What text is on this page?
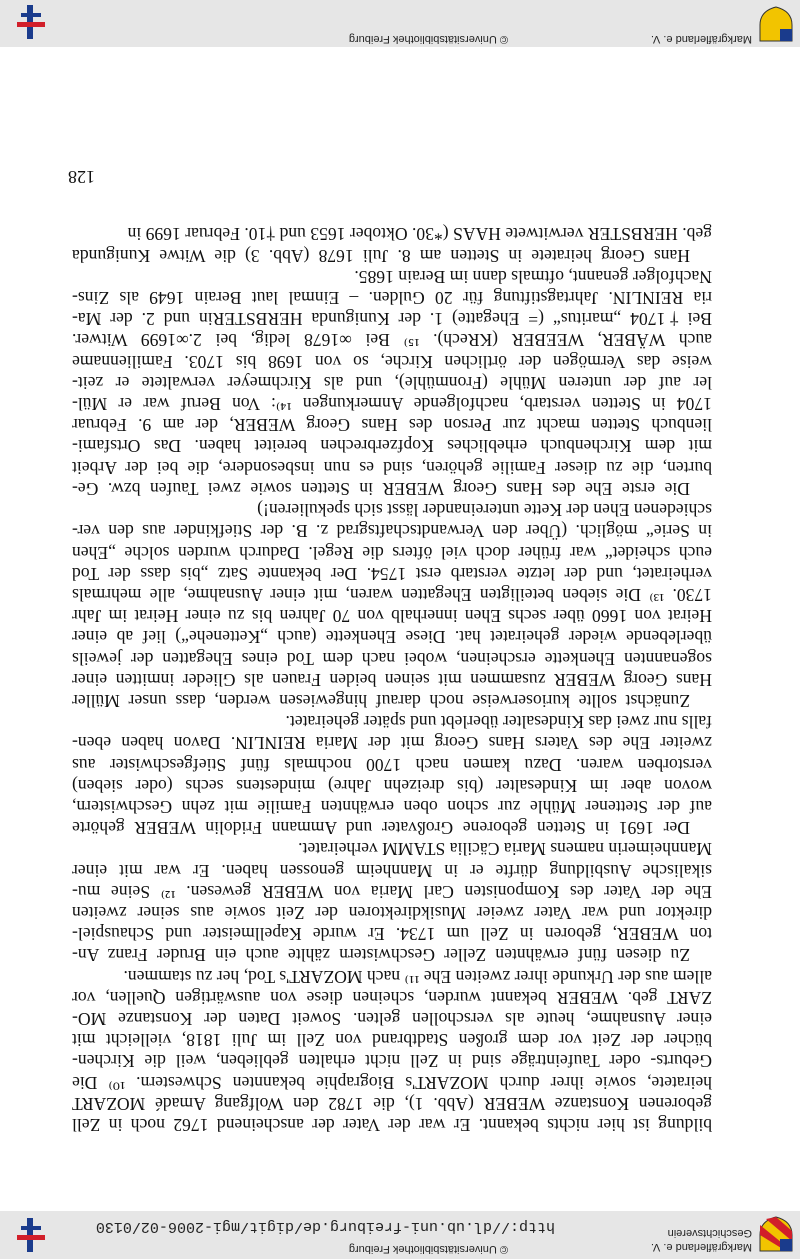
http://dl.ub.uni-freiburg.de/digit/mgi-2006-02/0130
© Universitätsbibliothek Freiburg
Geschichtsverein
Markgräflerland e. V.
© Universitätsbibliothek Freiburg	Markgräflerland e. V.
bildung ist hier nichts bekannt. Er war der Vater der anscheinend 1762 noch in Zell
geborenen Konstanze WEBER (Abb. 1), die 1782 den Wolfgang Amadé MOZART
heiratete, sowie ihrer durch MOZART's Biographie bekannten Schwestern. ¹⁰⁾ Die
Geburts- oder Taufeinträge sind in Zell nicht erhalten geblieben, weil die Kirchen-
bücher der Zeit vor dem großen Stadtbrand von Zell im Juli 1818, vielleicht mit
einer Ausnahme, heute als verschollen gelten. Soweit Daten der Konstanze MO-
ZART geb. WEBER bekannt wurden, scheinen diese von auswärtigen Quellen, vor
allem aus der Urkunde ihrer zweiten Ehe ¹¹⁾ nach MOZART's Tod, her zu stammen.
Zu diesen fünf erwähnten Zeller Geschwistern zählte auch ein Bruder Franz An-
ton WEBER, geboren in Zell um 1734. Er wurde Kapellmeister und Schauspiel-
direktor und war Vater zweier Musikdirektoren der Zeit sowie aus seiner zweiten
Ehe der Vater des Komponisten Carl Maria von WEBER gewesen. ¹²⁾ Seine mu-
sikalische Ausbildung dürfte er in Mannheim genossen haben. Er war mit einer
Mannheimerin namens Maria Cäcilia STAMM verheiratet.
Der 1691 in Stetten geborene Großvater und Ammann Fridolin WEBER gehörte
auf der Stettener Mühle zur schon oben erwähnten Familie mit zehn Geschwistern,
wovon aber im Kindesalter (bis dreizehn Jahre) mindestens sechs (oder sieben)
verstorben waren. Dazu kamen nach 1700 nochmals fünf Stiefgeschwister aus
zweiter Ehe des Vaters Hans Georg mit der Maria REINLIN. Davon haben eben-
falls nur zwei das Kindesalter überlebt und später geheiratet.
Zunächst sollte kurioserweise noch darauf hingewiesen werden, dass unser Müller
Hans Georg WEBER zusammen mit seinen beiden Frauen als Glieder inmitten einer
sogenannten Ehenkette erscheinen, wobei nach dem Tod eines Ehegatten der jeweils
überlebende wieder geheiratet hat. Diese Ehenkette (auch „Kettenehe“) lief ab einer
Heirat von 1660 über sechs Ehen innerhalb von 70 Jahren bis zu einer Heirat im Jahr
1730. ¹³⁾ Die sieben beteiligten Ehegatten waren, mit einer Ausnahme, alle mehrmals
verheiratet, und der letzte verstarb erst 1754. Der bekannte Satz „bis dass der Tod
euch scheidet“ war früher doch viel öfters die Regel. Dadurch wurden solche „Ehen
in Serie“ möglich. (Über den Verwandtschaftsgrad z. B. der Stiefkinder aus den ver-
schiedenen Ehen der Kette untereinander lässt sich spekulieren!)
Die erste Ehe des Hans Georg WEBER in Stetten sowie zwei Taufen bzw. Ge-
burten, die zu dieser Familie gehören, sind es nun insbesondere, die bei der Arbeit
mit dem Kirchenbuch erhebliches Kopfzerbrechen bereitet haben. Das Ortsfami-
lienbuch Stetten macht zur Person des Hans Georg WEBER, der am 9. Februar
1704 in Stetten verstarb, nachfolgende Anmerkungen ¹⁴⁾: Von Beruf war er Mül-
ler auf der unteren Mühle (Fronmühle), und als Kirchmeyer verwaltete er zeit-
weise das Vermögen der örtlichen Kirche, so von 1698 bis 1703. Familienname
auch WÄBER, WEEBER (KRech). ¹⁵⁾ Bei ∞1678 ledig, bei 2.∞1699 Witwer.
Bei †1704 „maritus“ (= Ehegatte) 1. der Kunigunda HERBSTERin und 2. der Ma-
ria REINLIN. Jahrtagstiftung für 20 Gulden. – Einmal laut Berain 1649 als Zins-
Nachfolger genannt, oftmals dann im Berain 1685.
Hans Georg heiratete in Stetten am 8. Juli 1678 (Abb. 3) die Witwe Kunigunda
geb. HERBSTER verwitwete HAAS (*30. Oktober 1653 und †10. Februar 1699 in
128
